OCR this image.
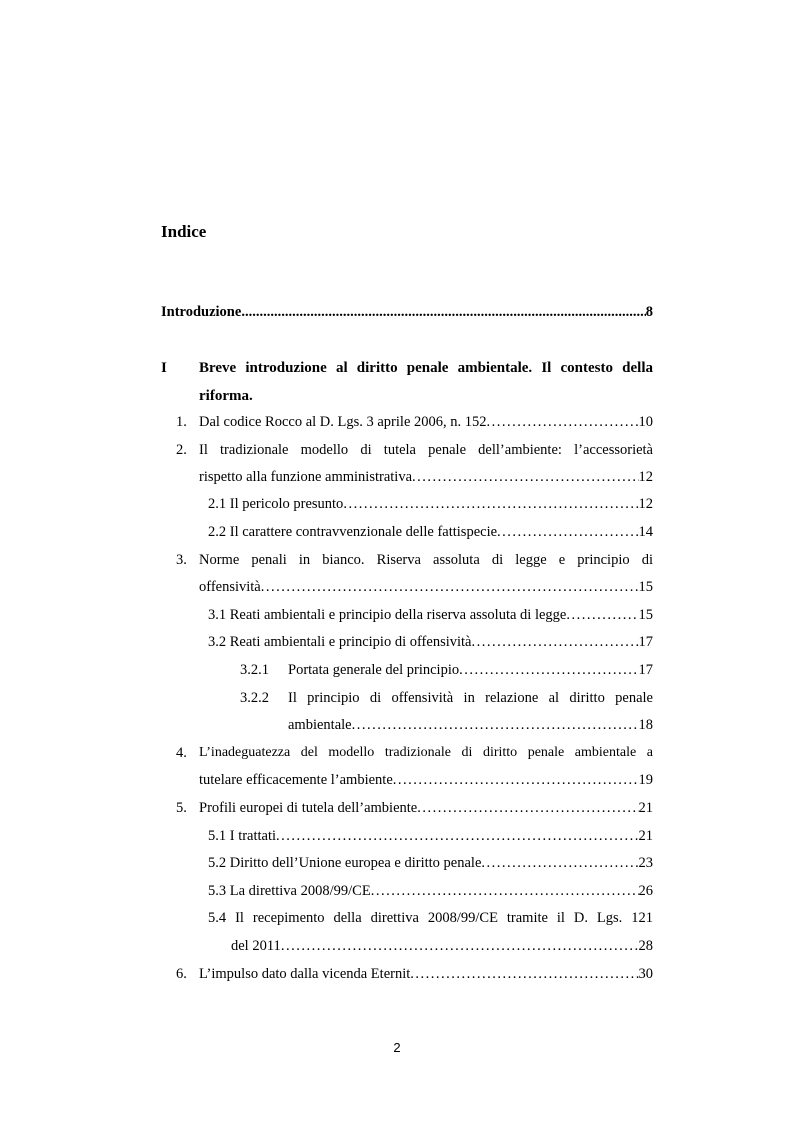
Indice
Introduzione .....	8
I Breve introduzione al diritto penale ambientale. Il contesto della
riforma.
1. Dal codice Rocco al D. Lgs. 3 aprile 2006, n. 152 .....	10
2. Il tradizionale modello di tutela penale dell’ambiente: l’accessorietà
rispetto alla funzione amministrativa .....	12
2.1 Il pericolo presunto .....	12
2.2 Il carattere contravvenzionale delle fattispecie .....	14
3. Norme penali in bianco. Riserva assoluta di legge e principio di
offensività .....	15
3.1 Reati ambientali e principio della riserva assoluta di legge .....	15
3.2 Reati ambientali e principio di offensività .....	17
3.2.1 Portata generale del principio .....	17
3.2.2 Il principio di offensività in relazione al diritto penale
ambientale .....	18
4. L’inadeguatezza del modello tradizionale di diritto penale ambientale a
tutelare efficacemente l’ambiente .....	19
5. Profili europei di tutela dell’ambiente .....	21
5.1 I trattati .....	21
5.2 Diritto dell’Unione europea e diritto penale .....	23
5.3 La direttiva 2008/99/CE .....	26
5.4 Il recepimento della direttiva 2008/99/CE tramite il D. Lgs. 121
del 2011 .....	28
6. L’impulso dato dalla vicenda Eternit .....	30
2
